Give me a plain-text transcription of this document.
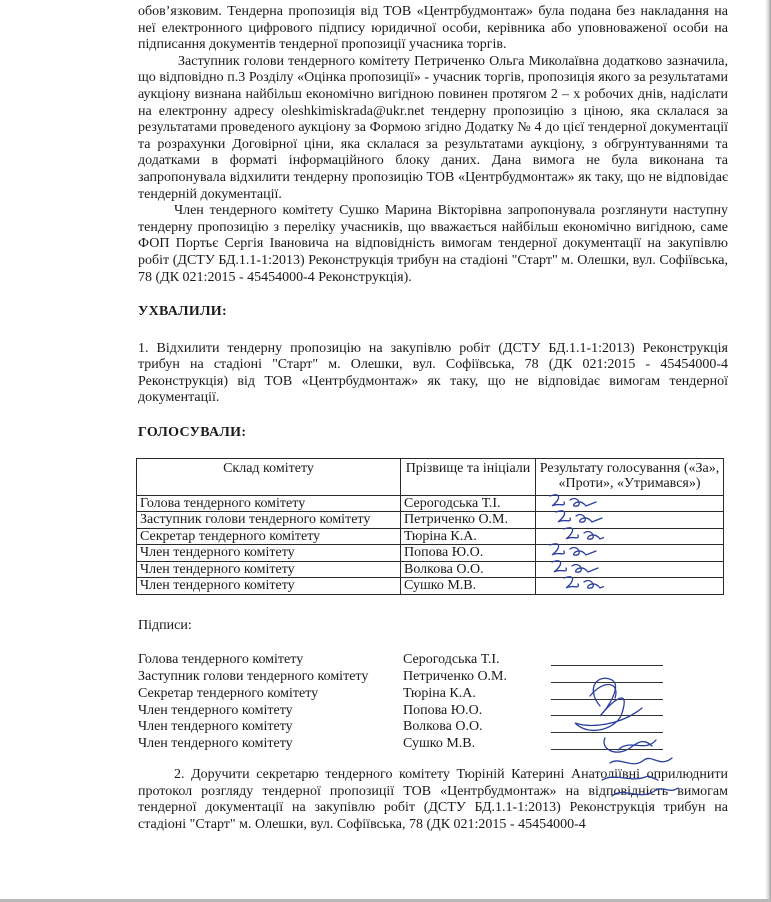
обов’язковим. Тендерна пропозиція від ТОВ «Центрбудмонтаж» була подана без накладання на неї електронного цифрового підпису юридичної особи, керівника або уповноваженої особи на підписання документів тендерної пропозиції учасника торгів.

Заступник голови тендерного комітету Петриченко Ольга Миколаївна додатково зазначила, що відповідно п.3 Розділу «Оцінка пропозиції» - учасник торгів, пропозиція якого за результатами аукціону визнана найбільш економічно вигідною повинен протягом 2 – х робочих днів, надіслати на електронну адресу oleshkimiskrada@ukr.net тендерну пропозицію з ціною, яка склалася за результатами проведеного аукціону за Формою згідно Додатку № 4 до цієї тендерної документації та розрахунки Договірної ціни, яка склалася за результатами аукціону, з обгрунтуваннями та додатками в форматі інформаційного блоку даних. Дана вимога не була виконана та запропонувала відхилити тендерну пропозицію ТОВ «Центрбудмонтаж» як таку, що не відповідає тендерній документації.

Член тендерного комітету Сушко Марина Вікторівна запропонувала розглянути наступну тендерну пропозицію з переліку учасників, що вважається найбільш економічно вигідною, саме ФОП Портьє Сергія Івановича на відповідність вимогам тендерної документації на закупівлю робіт (ДСТУ БД.1.1-1:2013) Реконструкція трибун на стадіоні "Старт" м. Олешки, вул. Софіївська, 78 (ДК 021:2015 - 45454000-4 Реконструкція).

УХВАЛИЛИ:

1. Відхилити тендерну пропозицію на закупівлю робіт (ДСТУ БД.1.1-1:2013) Реконструкція трибун на стадіоні "Старт" м. Олешки, вул. Софіївська, 78 (ДК 021:2015 - 45454000-4 Реконструкція) від ТОВ «Центрбудмонтаж» як таку, що не відповідає вимогам тендерної документації.

ГОЛОСУВАЛИ:

Склад комітету	Прізвище та ініціали	Результату голосування («За», «Проти», «Утримався»)
Голова тендерного комітету	Серогодська Т.І.	

Заступник голови тендерного комітету	Петриченко О.М.	

Секретар тендерного комітету	Тюріна К.А.	

Член тендерного комітету	Попова Ю.О.	

Член тендерного комітету	Волкова О.О.	

Член тендерного комітету	Сушко М.В.	

Підписи:

Голова тендерного комітету	Серогодська Т.І.
Заступник голови тендерного комітету	Петриченко О.М.
Секретар тендерного комітету	Тюріна К.А.
Член тендерного комітету	Попова Ю.О.
Член тендерного комітету	Волкова О.О.
Член тендерного комітету	Сушко М.В.

2. Доручити секретарю тендерного комітету Тюріній Катерині Анатоліївні оприлюднити протокол розгляду тендерної пропозиції ТОВ «Центрбудмонтаж» на відповідність вимогам тендерної документації на закупівлю робіт (ДСТУ БД.1.1-1:2013) Реконструкція трибун на стадіоні "Старт" м. Олешки, вул. Софіївська, 78 (ДК 021:2015 - 45454000-4
